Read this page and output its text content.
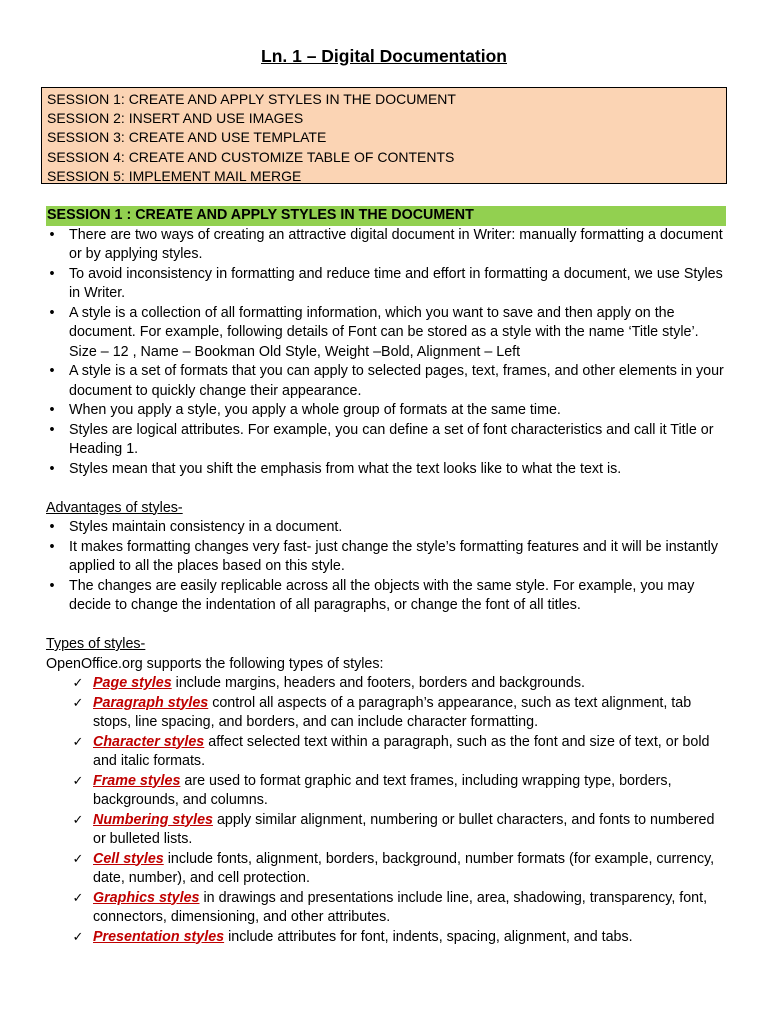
Ln. 1 – Digital Documentation
SESSION 1: CREATE AND APPLY STYLES IN THE DOCUMENT
SESSION 2: INSERT AND USE IMAGES
SESSION 3: CREATE AND USE TEMPLATE
SESSION 4: CREATE AND CUSTOMIZE TABLE OF CONTENTS
SESSION 5: IMPLEMENT MAIL MERGE
SESSION 1 : CREATE AND APPLY STYLES IN THE DOCUMENT
• There are two ways of creating an attractive digital document in Writer: manually formatting a document or by applying styles.
• To avoid inconsistency in formatting and reduce time and effort in formatting a document, we use Styles in Writer.
• A style is a collection of all formatting information, which you want to save and then apply on the document. For example, following details of Font can be stored as a style with the name ‘Title style’. Size – 12 , Name – Bookman Old Style, Weight –Bold, Alignment – Left
• A style is a set of formats that you can apply to selected pages, text, frames, and other elements in your document to quickly change their appearance.
• When you apply a style, you apply a whole group of formats at the same time.
• Styles are logical attributes. For example, you can define a set of font characteristics and call it Title or Heading 1.
• Styles mean that you shift the emphasis from what the text looks like to what the text is.
Advantages of styles-
• Styles maintain consistency in a document.
• It makes formatting changes very fast- just change the style’s formatting features and it will be instantly applied to all the places based on this style.
• The changes are easily replicable across all the objects with the same style. For example, you may decide to change the indentation of all paragraphs, or change the font of all titles.
Types of styles-
OpenOffice.org supports the following types of styles:
✓ Page styles include margins, headers and footers, borders and backgrounds.
✓ Paragraph styles control all aspects of a paragraph’s appearance, such as text alignment, tab stops, line spacing, and borders, and can include character formatting.
✓ Character styles affect selected text within a paragraph, such as the font and size of text, or bold and italic formats.
✓ Frame styles are used to format graphic and text frames, including wrapping type, borders, backgrounds, and columns.
✓ Numbering styles apply similar alignment, numbering or bullet characters, and fonts to numbered or bulleted lists.
✓ Cell styles include fonts, alignment, borders, background, number formats (for example, currency, date, number), and cell protection.
✓ Graphics styles in drawings and presentations include line, area, shadowing, transparency, font, connectors, dimensioning, and other attributes.
✓ Presentation styles include attributes for font, indents, spacing, alignment, and tabs.
